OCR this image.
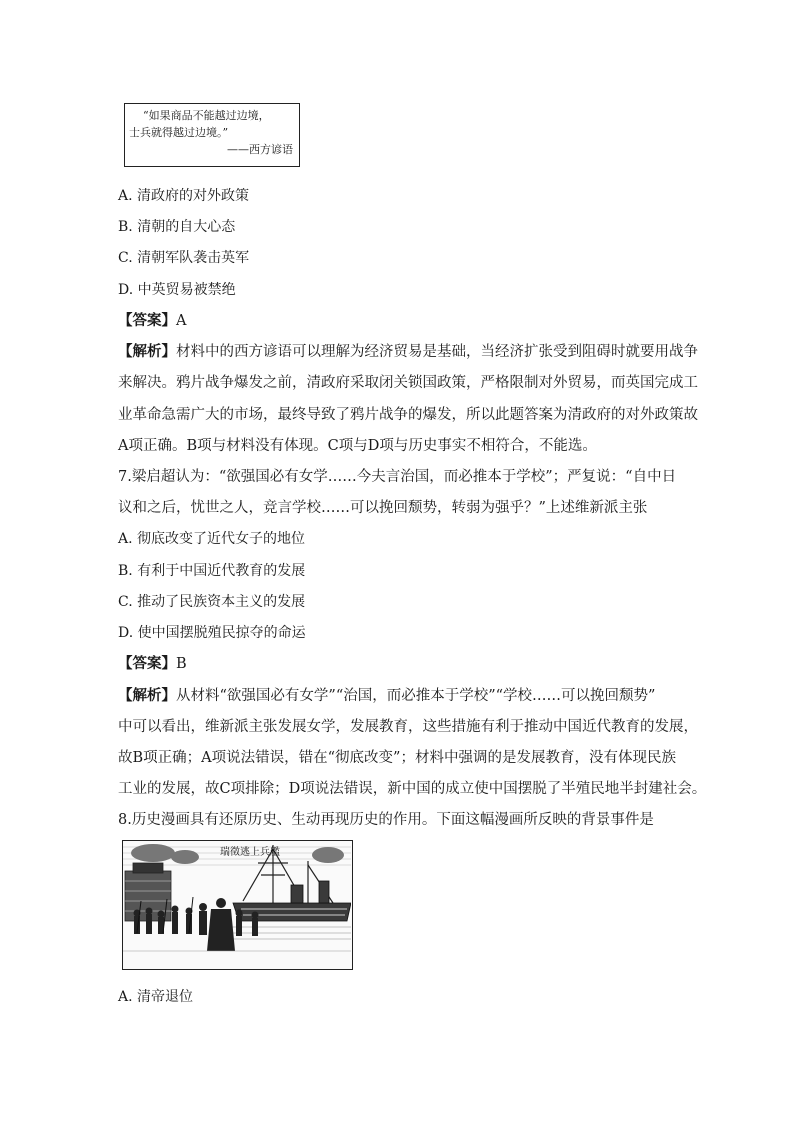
“如果商品不能越过边境，
士兵就得越过边境。”
——西方谚语
A. 清政府的对外政策
B. 清朝的自大心态
C. 清朝军队袭击英军
D. 中英贸易被禁绝
【答案】A
【解析】材料中的西方谚语可以理解为经济贸易是基础，当经济扩张受到阻碍时就要用战争
来解决。鸦片战争爆发之前，清政府采取闭关锁国政策，严格限制对外贸易，而英国完成工
业革命急需广大的市场，最终导致了鸦片战争的爆发，所以此题答案为清政府的对外政策故
A项正确。B项与材料没有体现。C项与D项与历史事实不相符合，不能选。
7.梁启超认为：“欲强国必有女学……今夫言治国，而必推本于学校”；严复说：“自中日
议和之后，忧世之人，竞言学校……可以挽回颓势，转弱为强乎？”上述维新派主张
A. 彻底改变了近代女子的地位
B. 有利于中国近代教育的发展
C. 推动了民族资本主义的发展
D. 使中国摆脱殖民掠夺的命运
【答案】B
【解析】从材料“欲强国必有女学”“治国，而必推本于学校”“学校……可以挽回颓势”
中可以看出，维新派主张发展女学，发展教育，这些措施有利于推动中国近代教育的发展，
故B项正确；A项说法错误，错在“彻底改变”；材料中强调的是发展教育，没有体现民族
工业的发展，故C项排除；D项说法错误，新中国的成立使中国摆脱了半殖民地半封建社会。
8.历史漫画具有还原历史、生动再现历史的作用。下面这幅漫画所反映的背景事件是
瑞徵逃上兵艦
A. 清帝退位
